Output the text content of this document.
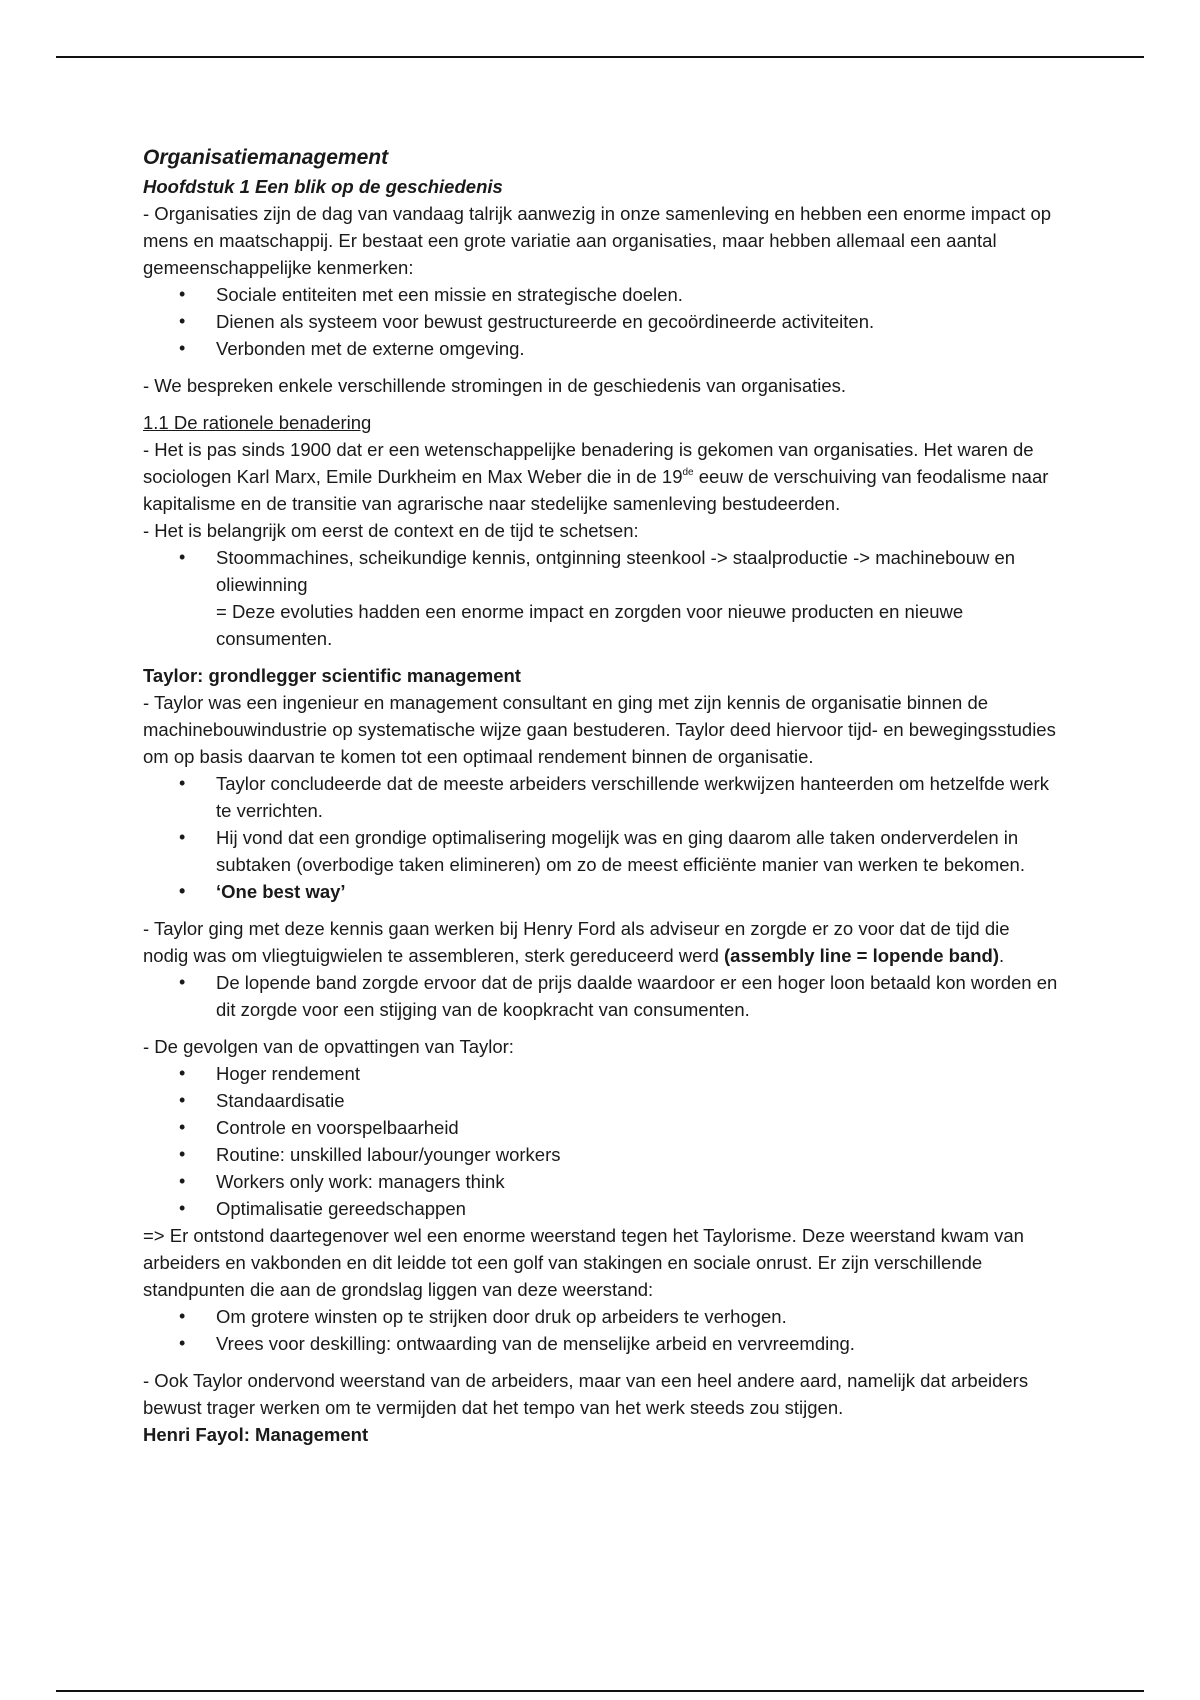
Organisatiemanagement

Hoofdstuk 1 Een blik op de geschiedenis

- Organisaties zijn de dag van vandaag talrijk aanwezig in onze samenleving en hebben een enorme impact op mens en maatschappij. Er bestaat een grote variatie aan organisaties, maar hebben allemaal een aantal gemeenschappelijke kenmerken:

• Sociale entiteiten met een missie en strategische doelen.
• Dienen als systeem voor bewust gestructureerde en gecoördineerde activiteiten.
• Verbonden met de externe omgeving.

- We bespreken enkele verschillende stromingen in de geschiedenis van organisaties.

1.1 De rationele benadering

- Het is pas sinds 1900 dat er een wetenschappelijke benadering is gekomen van organisaties. Het waren de sociologen Karl Marx, Emile Durkheim en Max Weber die in de 19de eeuw de verschuiving van feodalisme naar kapitalisme en de transitie van agrarische naar stedelijke samenleving bestudeerden.

- Het is belangrijk om eerst de context en de tijd te schetsen:

• Stoommachines, scheikundige kennis, ontginning steenkool -> staalproductie -> machinebouw en oliewinning
= Deze evoluties hadden een enorme impact en zorgden voor nieuwe producten en nieuwe consumenten.

Taylor: grondlegger scientific management

- Taylor was een ingenieur en management consultant en ging met zijn kennis de organisatie binnen de machinebouwindustrie op systematische wijze gaan bestuderen. Taylor deed hiervoor tijd- en bewegingsstudies om op basis daarvan te komen tot een optimaal rendement binnen de organisatie.

• Taylor concludeerde dat de meeste arbeiders verschillende werkwijzen hanteerden om hetzelfde werk te verrichten.
• Hij vond dat een grondige optimalisering mogelijk was en ging daarom alle taken onderverdelen in subtaken (overbodige taken elimineren) om zo de meest efficiënte manier van werken te bekomen.
• ‘One best way’

- Taylor ging met deze kennis gaan werken bij Henry Ford als adviseur en zorgde er zo voor dat de tijd die nodig was om vliegtuigwielen te assembleren, sterk gereduceerd werd (assembly line = lopende band).

• De lopende band zorgde ervoor dat de prijs daalde waardoor er een hoger loon betaald kon worden en dit zorgde voor een stijging van de koopkracht van consumenten.

- De gevolgen van de opvattingen van Taylor:

• Hoger rendement
• Standaardisatie
• Controle en voorspelbaarheid
• Routine: unskilled labour/younger workers
• Workers only work: managers think
• Optimalisatie gereedschappen

=> Er ontstond daartegenover wel een enorme weerstand tegen het Taylorisme. Deze weerstand kwam van arbeiders en vakbonden en dit leidde tot een golf van stakingen en sociale onrust. Er zijn verschillende standpunten die aan de grondslag liggen van deze weerstand:

• Om grotere winsten op te strijken door druk op arbeiders te verhogen.
• Vrees voor deskilling: ontwaarding van de menselijke arbeid en vervreemding.

- Ook Taylor ondervond weerstand van de arbeiders, maar van een heel andere aard, namelijk dat arbeiders bewust trager werken om te vermijden dat het tempo van het werk steeds zou stijgen.

Henri Fayol: Management
